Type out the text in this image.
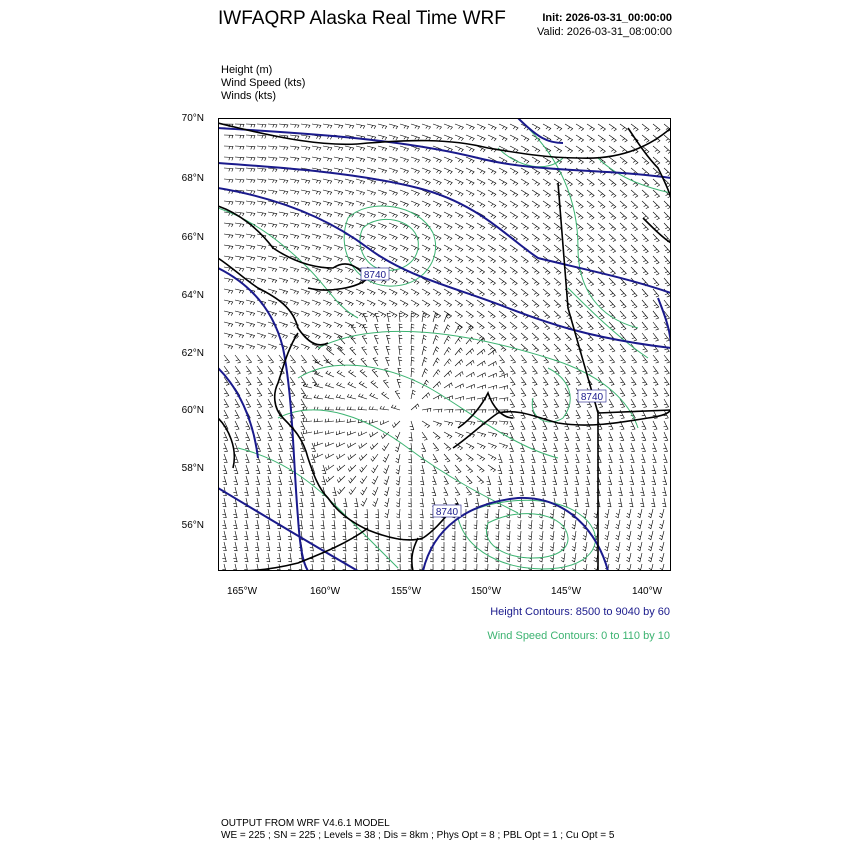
IWFAQRP Alaska Real Time WRF	Init: 2026-03-31_00:00:00
Valid: 2026-03-31_08:00:00
Height (m)
Wind Speed (kts)
Winds (kts)
70°N
68°N
66°N
64°N
62°N
60°N
58°N
56°N
165°W	160°W	155°W	150°W	145°W	140°W
8740
8740
8740
Height Contours: 8500 to 9040 by 60
Wind Speed Contours: 0 to 110 by 10
OUTPUT FROM WRF V4.6.1 MODEL
WE = 225 ; SN = 225 ; Levels = 38 ; Dis = 8km ; Phys Opt = 8 ; PBL Opt = 1 ; Cu Opt = 5
